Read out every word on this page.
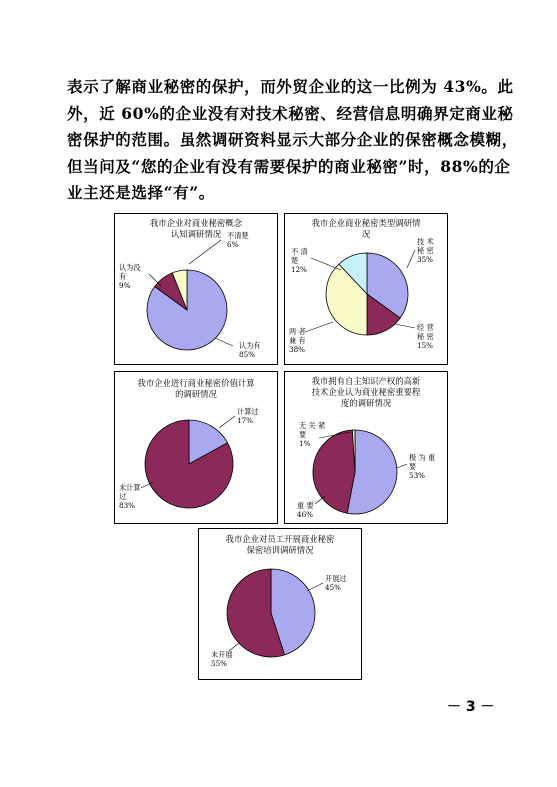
表示了解商业秘密的保护，而外贸企业的这一比例为 43%。此
外，近 60%的企业没有对技术秘密、经营信息明确界定商业秘
密保护的范围。虽然调研资料显示大部分企业的保密概念模糊，
但当问及“您的企业有没有需要保护的商业秘密”时，88%的企
业主还是选择“有”。
我市企业对商业秘密概念认知调研情况
认为有 85%
认为没有 9%
不清楚 6%
我市企业商业秘密类型调研情况
技 术秘 密 35%
经 营秘 密 15%
两 者兼 有 38%
不 清楚 12%
我市企业进行商业秘密价值计算的调研情况
计算过 17%
未计算过 83%
我市拥有自主知识产权的高新技术企业认为商业秘密重要程度的调研情况
极 为 重要 53%
重 要 46%
无 关 紧要 1%
我市企业对员工开展商业秘密保密培训调研情况
开展过 45%
未开展 55%
－ 3 －
